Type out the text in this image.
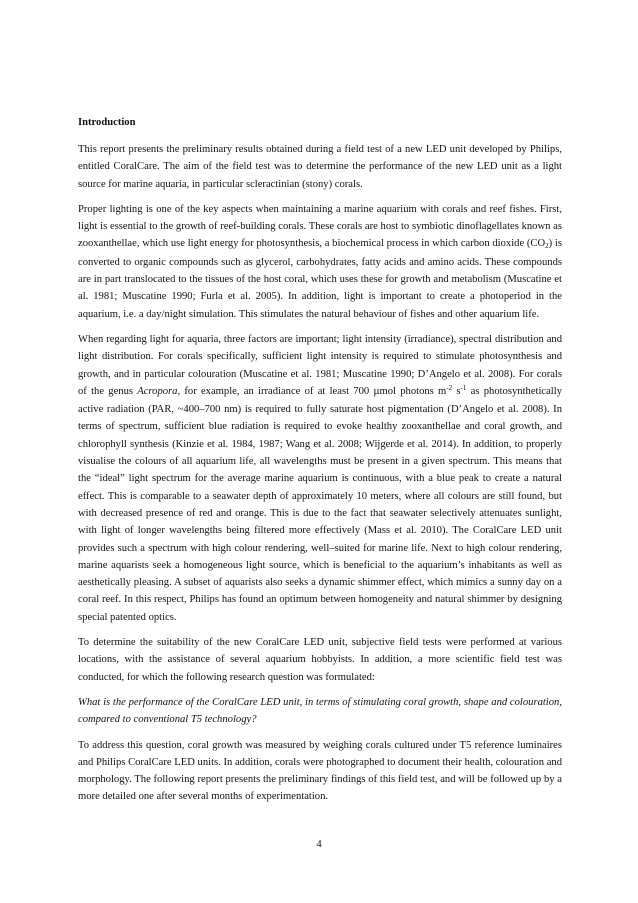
Introduction

This report presents the preliminary results obtained during a field test of a new LED unit developed by Philips, entitled CoralCare. The aim of the field test was to determine the performance of the new LED unit as a light source for marine aquaria, in particular scleractinian (stony) corals.

Proper lighting is one of the key aspects when maintaining a marine aquarium with corals and reef fishes. First, light is essential to the growth of reef-building corals. These corals are host to symbiotic dinoflagellates known as zooxanthellae, which use light energy for photosynthesis, a biochemical process in which carbon dioxide (CO2) is converted to organic compounds such as glycerol, carbohydrates, fatty acids and amino acids. These compounds are in part translocated to the tissues of the host coral, which uses these for growth and metabolism (Muscatine et al. 1981; Muscatine 1990; Furla et al. 2005). In addition, light is important to create a photoperiod in the aquarium, i.e. a day/night simulation. This stimulates the natural behaviour of fishes and other aquarium life.

When regarding light for aquaria, three factors are important; light intensity (irradiance), spectral distribution and light distribution. For corals specifically, sufficient light intensity is required to stimulate photosynthesis and growth, and in particular colouration (Muscatine et al. 1981; Muscatine 1990; D’Angelo et al. 2008). For corals of the genus Acropora, for example, an irradiance of at least 700 µmol photons $m^{-2}$ $s^{-1}$ as photosynthetically active radiation (PAR, ~400–700 nm) is required to fully saturate host pigmentation (D’Angelo et al. 2008). In terms of spectrum, sufficient blue radiation is required to evoke healthy zooxanthellae and coral growth, and chlorophyll synthesis (Kinzie et al. 1984, 1987; Wang et al. 2008; Wijgerde et al. 2014). In addition, to properly visualise the colours of all aquarium life, all wavelengths must be present in a given spectrum. This means that the “ideal” light spectrum for the average marine aquarium is continuous, with a blue peak to create a natural effect. This is comparable to a seawater depth of approximately 10 meters, where all colours are still found, but with decreased presence of red and orange. This is due to the fact that seawater selectively attenuates sunlight, with light of longer wavelengths being filtered more effectively (Mass et al. 2010). The CoralCare LED unit provides such a spectrum with high colour rendering, well–suited for marine life. Next to high colour rendering, marine aquarists seek a homogeneous light source, which is beneficial to the aquarium’s inhabitants as well as aesthetically pleasing. A subset of aquarists also seeks a dynamic shimmer effect, which mimics a sunny day on a coral reef. In this respect, Philips has found an optimum between homogeneity and natural shimmer by designing special patented optics.

To determine the suitability of the new CoralCare LED unit, subjective field tests were performed at various locations, with the assistance of several aquarium hobbyists. In addition, a more scientific field test was conducted, for which the following research question was formulated:

What is the performance of the CoralCare LED unit, in terms of stimulating coral growth, shape and colouration, compared to conventional T5 technology?

To address this question, coral growth was measured by weighing corals cultured under T5 reference luminaires and Philips CoralCare LED units. In addition, corals were photographed to document their health, colouration and morphology. The following report presents the preliminary findings of this field test, and will be followed up by a more detailed one after several months of experimentation.

4
